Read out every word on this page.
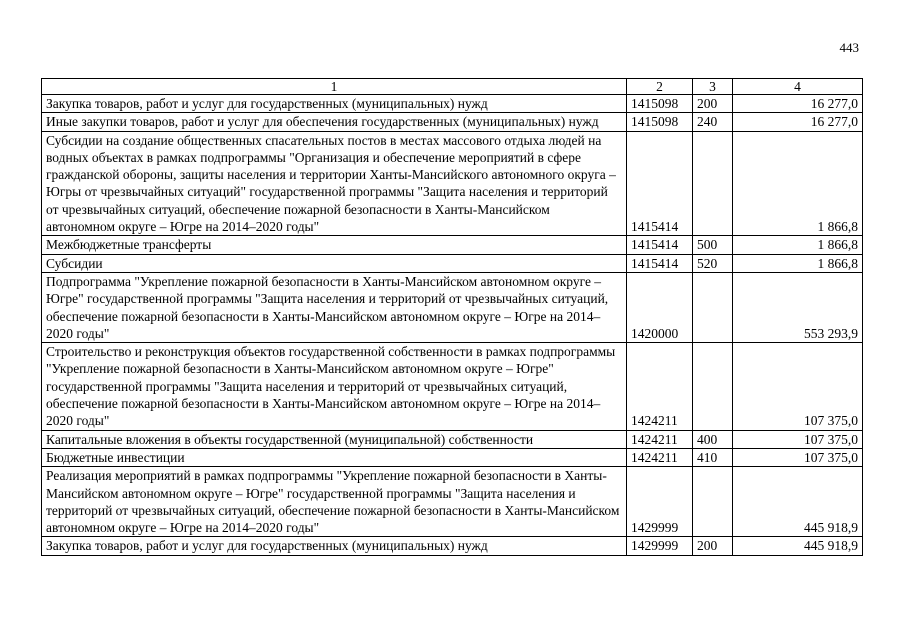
443
1	2	3	4
Закупка товаров, работ и услуг для государственных (муниципальных) нужд	1415098	200	16 277,0
Иные закупки товаров, работ и услуг для обеспечения государственных (муниципальных) нужд	1415098	240	16 277,0
Субсидии на создание общественных спасательных постов в местах массового отдыха людей на водных объектах в рамках подпрограммы "Организация и обеспечение мероприятий в сфере гражданской обороны, защиты населения и территории Ханты-Мансийского автономного округа – Югры от чрезвычайных ситуаций" государственной программы "Защита населения и территорий от чрезвычайных ситуаций, обеспечение пожарной безопасности в Ханты-Мансийском автономном округе – Югре на 2014–2020 годы"	1415414		1 866,8
Межбюджетные трансферты	1415414	500	1 866,8
Субсидии	1415414	520	1 866,8
Подпрограмма "Укрепление пожарной безопасности в Ханты-Мансийском автономном округе – Югре" государственной программы "Защита населения и территорий от чрезвычайных ситуаций, обеспечение пожарной безопасности в Ханты-Мансийском автономном округе – Югре на 2014–2020 годы"	1420000		553 293,9
Строительство и реконструкция объектов государственной собственности в рамках подпрограммы "Укрепление пожарной безопасности в Ханты-Мансийском автономном округе – Югре" государственной программы "Защита населения и территорий от чрезвычайных ситуаций, обеспечение пожарной безопасности в Ханты-Мансийском автономном округе – Югре на 2014–2020 годы"	1424211		107 375,0
Капитальные вложения в объекты государственной (муниципальной) собственности	1424211	400	107 375,0
Бюджетные инвестиции	1424211	410	107 375,0
Реализация мероприятий в рамках подпрограммы "Укрепление пожарной безопасности в Ханты-Мансийском автономном округе – Югре" государственной программы "Защита населения и территорий от чрезвычайных ситуаций, обеспечение пожарной безопасности в Ханты-Мансийском автономном округе – Югре на 2014–2020 годы"	1429999		445 918,9
Закупка товаров, работ и услуг для государственных (муниципальных) нужд	1429999	200	445 918,9
